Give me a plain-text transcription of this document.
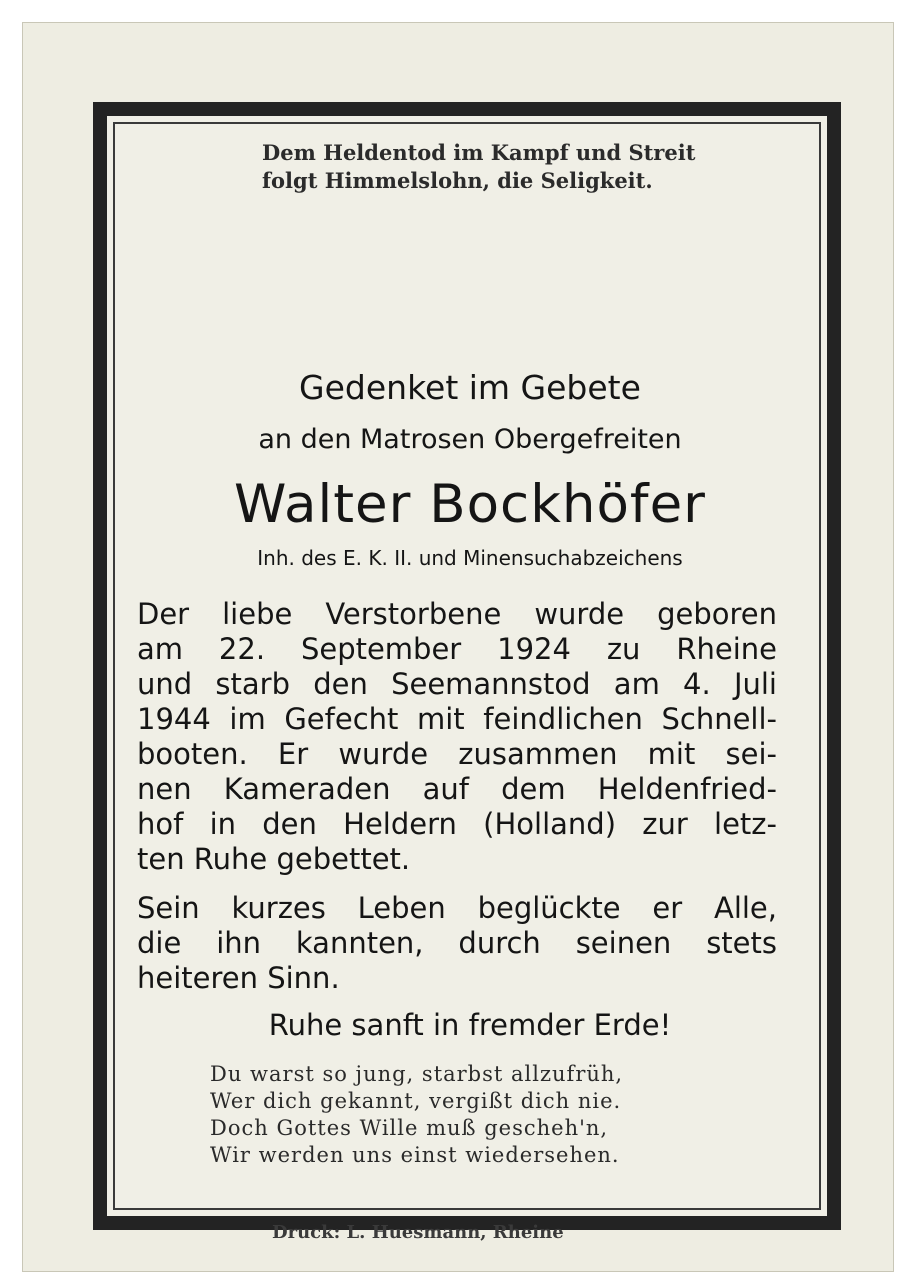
Dem Heldentod im Kampf und Streit
folgt Himmelslohn, die Seligkeit.
Gedenket im Gebete
an den Matrosen Obergefreiten
Walter Bockhöfer
Inh. des E. K. II. und Minensuchabzeichens
Der liebe Verstorbene wurde geboren
am 22. September 1924 zu Rheine
und starb den Seemannstod am 4. Juli
1944 im Gefecht mit feindlichen Schnell-
booten. Er wurde zusammen mit sei-
nen Kameraden auf dem Heldenfried-
hof in den Heldern (Holland) zur letz-
ten Ruhe gebettet.
Sein kurzes Leben beglückte er Alle,
die ihn kannten, durch seinen stets
heiteren Sinn.
Ruhe sanft in fremder Erde!
Du warst so jung, starbst allzufrüh,
Wer dich gekannt, vergißt dich nie.
Doch Gottes Wille muß gescheh'n,
Wir werden uns einst wiedersehen.
Druck: L. Huesmann, Rheine
